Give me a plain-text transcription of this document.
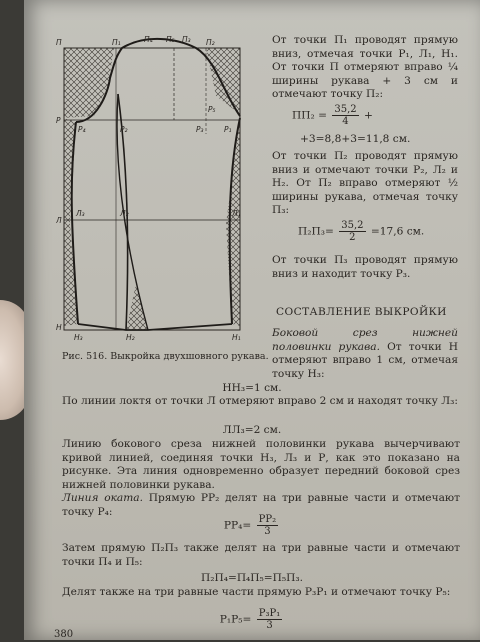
П	П₁	П₄ П₅ П₃ П₂
Р
Р₄	Р₂
Р₅
Р₁
Р₃
Л
Л₃	Л₂	Л₁
Н
Н₃	Н₂	Н₁
Рис. 516. Выкройка двухшовного рукава.
От точки П₁ проводят прямую вниз, отмечая точки Р₁, Л₁, Н₁. От точки П отмеряют вправо ¼ ширины рукава + 3 см и отмечают точку П₂:
$ПП_2 = \frac{35,2}{4}$ +
+3=8,8+3=11,8 см.
От точки П₂ проводят прямую вниз и отмечают точки Р₂, Л₂ и Н₂. От П₂ вправо отмеряют ½ ширины рукава, отмечая точку П₃:
$П_2П_3= \frac{35,2}{2} =17,6$ см.
От точки П₃ проводят прямую вниз и находит точку Р₃.
СОСТАВЛЕНИЕ ВЫКРОЙКИ
Боковой срез нижней половинки рукава. От точки Н отмеряют вправо 1 см, отмечая точку Н₃:
НН₃=1 см.
По линии локтя от точки Л отмеряют вправо 2 см и находят точку Л₃:
ЛЛ₃=2 см.
Линию бокового среза нижней половинки рукава вычерчивают кривой линией, соединяя точки Н₃, Л₃ и Р, как это показано на рисунке. Эта линия одновременно образует передний боковой срез нижней половинки рукава.
Линия оката. Прямую РР₂ делят на три равные части и отмечают точку Р₄:
$РР_4= \frac{\text{РР₂}}{3}$
Затем прямую П₂П₃ также делят на три равные части и отмечают точки П₄ и П₅:
П₂П₄=П₄П₅=П₅П₃.
Делят также на три равные части прямую Р₃Р₁ и отмечают точку Р₅:
$Р_1Р_5= \frac{\text{Р₃Р₁}}{3}$
380
